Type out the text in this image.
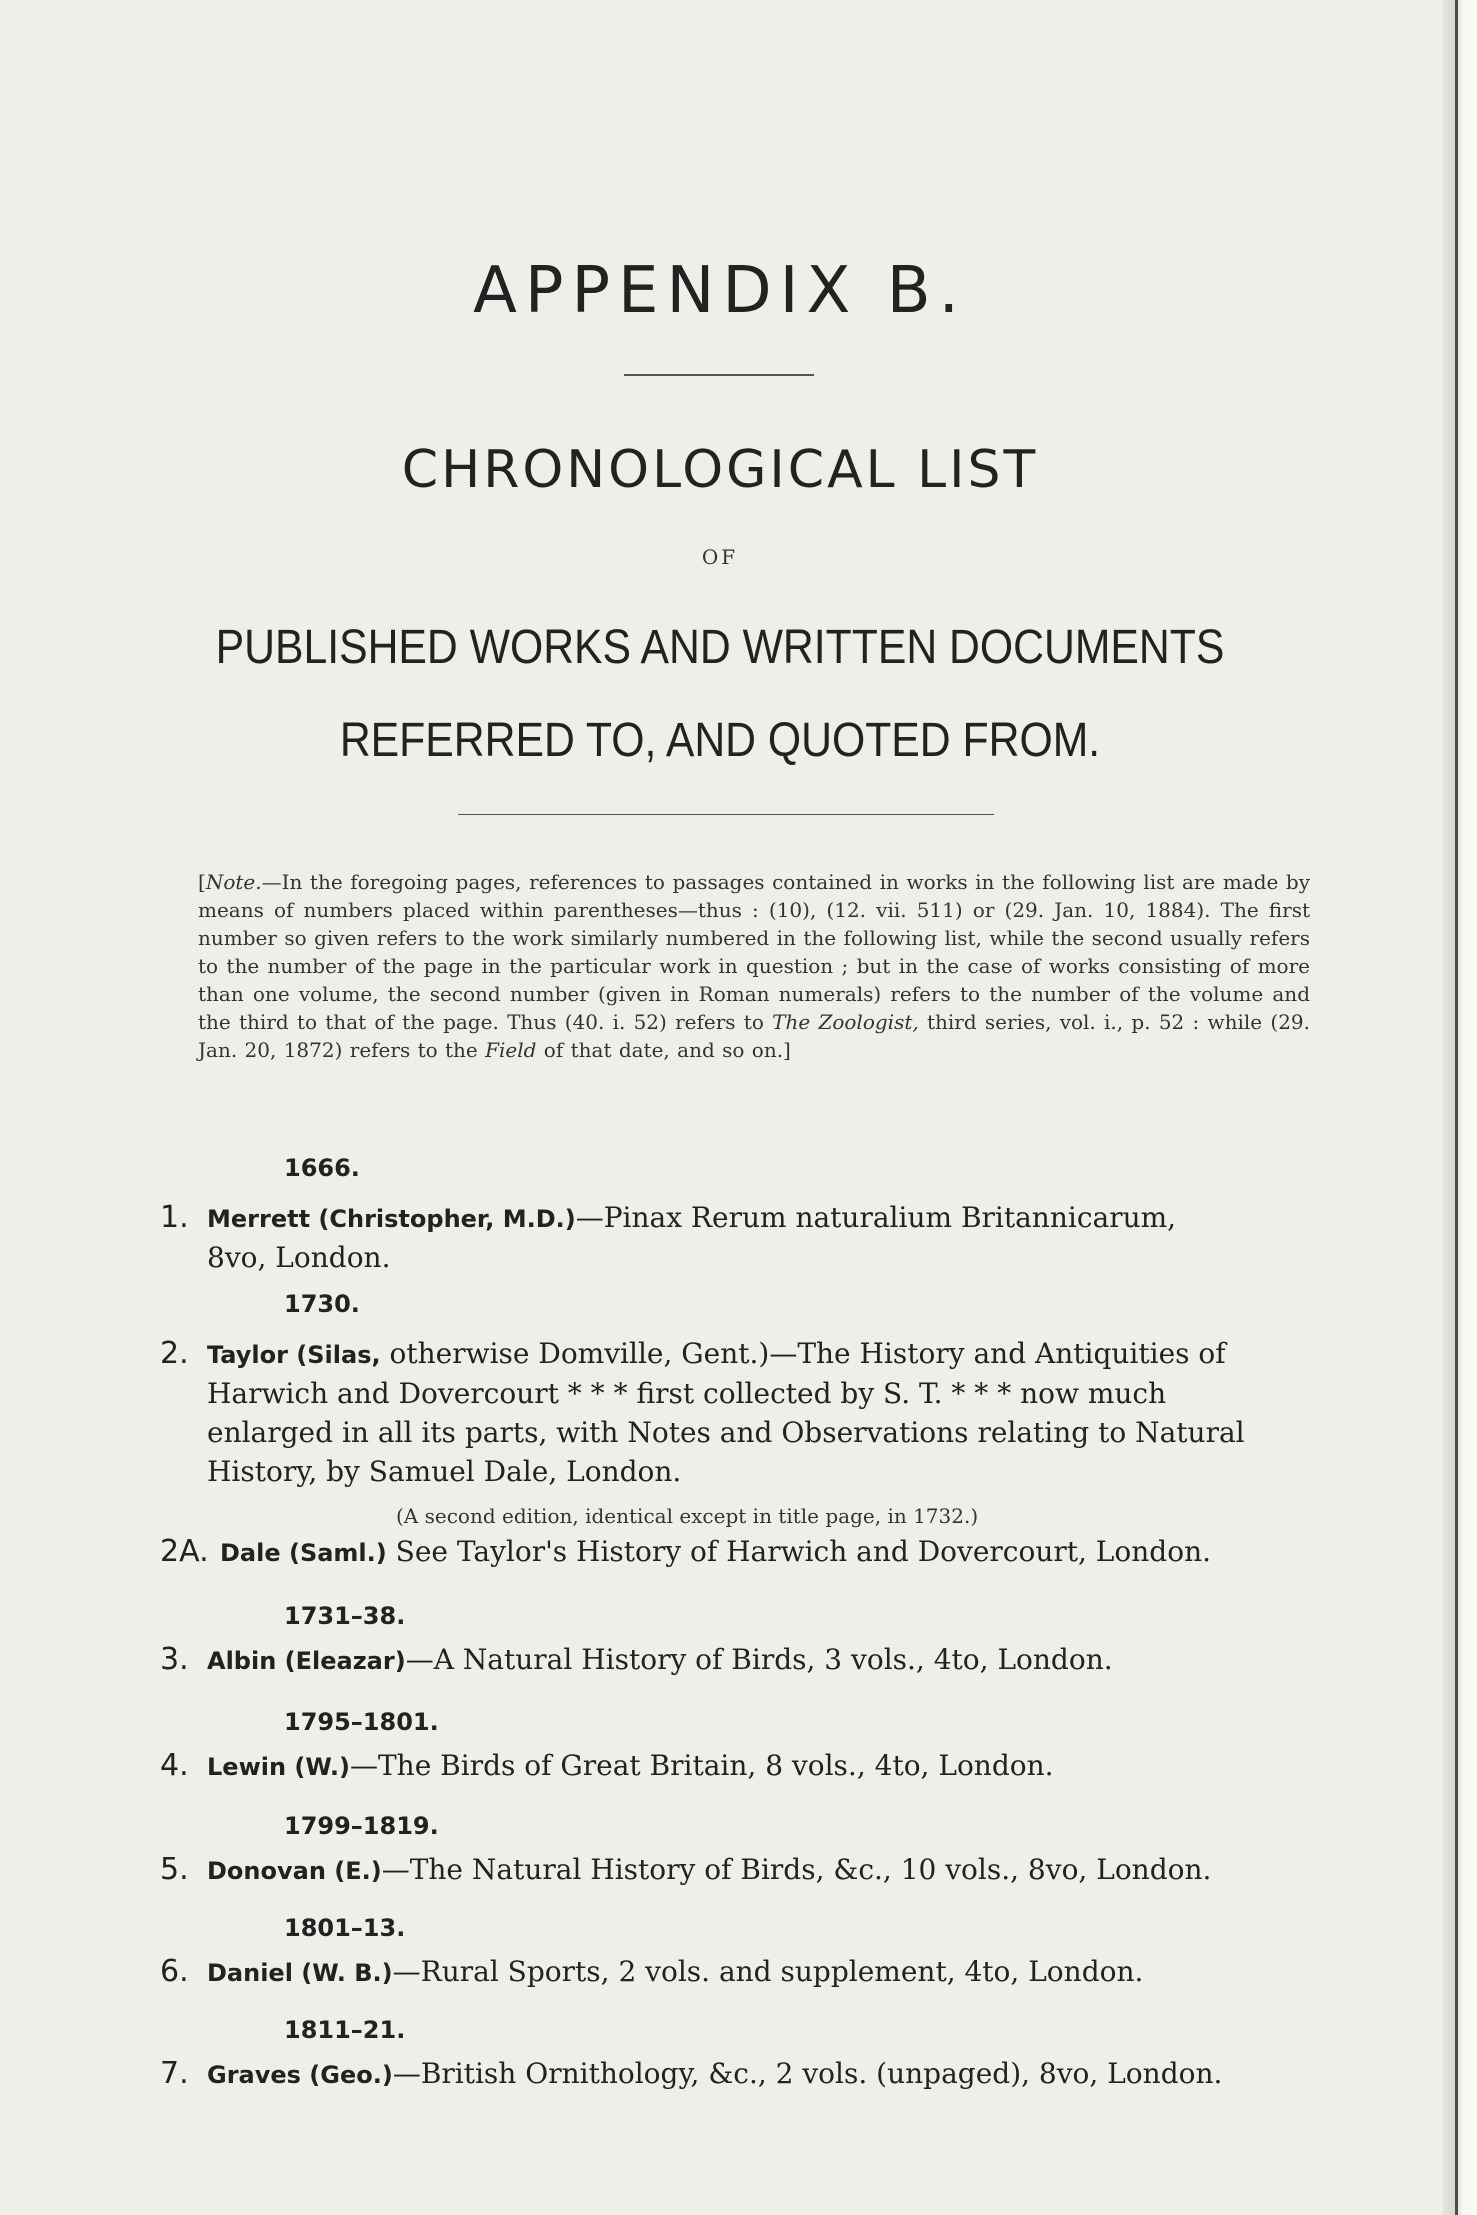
APPENDIX B.
CHRONOLOGICAL LIST
OF
PUBLISHED WORKS AND WRITTEN DOCUMENTS
REFERRED TO, AND QUOTED FROM.
[Note.—In the foregoing pages, references to passages contained in works in the following list are made by means of numbers placed within parentheses—thus : (10), (12. vii. 511) or (29. Jan. 10, 1884). The first number so given refers to the work similarly numbered in the following list, while the second usually refers to the number of the page in the particular work in question ; but in the case of works consisting of more than one volume, the second number (given in Roman numerals) refers to the number of the volume and the third to that of the page. Thus (40. i. 52) refers to The Zoologist, third series, vol. i., p. 52 : while (29. Jan. 20, 1872) refers to the Field of that date, and so on.]
1666.
1. Merrett (Christopher, M.D.)—Pinax Rerum naturalium Britannicarum,
8vo, London.
1730.
2. Taylor (Silas, otherwise Domville, Gent.)—The History and Antiquities of
Harwich and Dovercourt * * * first collected by S. T. * * * now much
enlarged in all its parts, with Notes and Observations relating to Natural
History, by Samuel Dale, London.
(A second edition, identical except in title page, in 1732.)
2A. Dale (Saml.) See Taylor's History of Harwich and Dovercourt, London.
1731–38.
3. Albin (Eleazar)—A Natural History of Birds, 3 vols., 4to, London.
1795–1801.
4. Lewin (W.)—The Birds of Great Britain, 8 vols., 4to, London.
1799–1819.
5. Donovan (E.)—The Natural History of Birds, &c., 10 vols., 8vo, London.
1801–13.
6. Daniel (W. B.)—Rural Sports, 2 vols. and supplement, 4to, London.
1811–21.
7. Graves (Geo.)—British Ornithology, &c., 2 vols. (unpaged), 8vo, London.
